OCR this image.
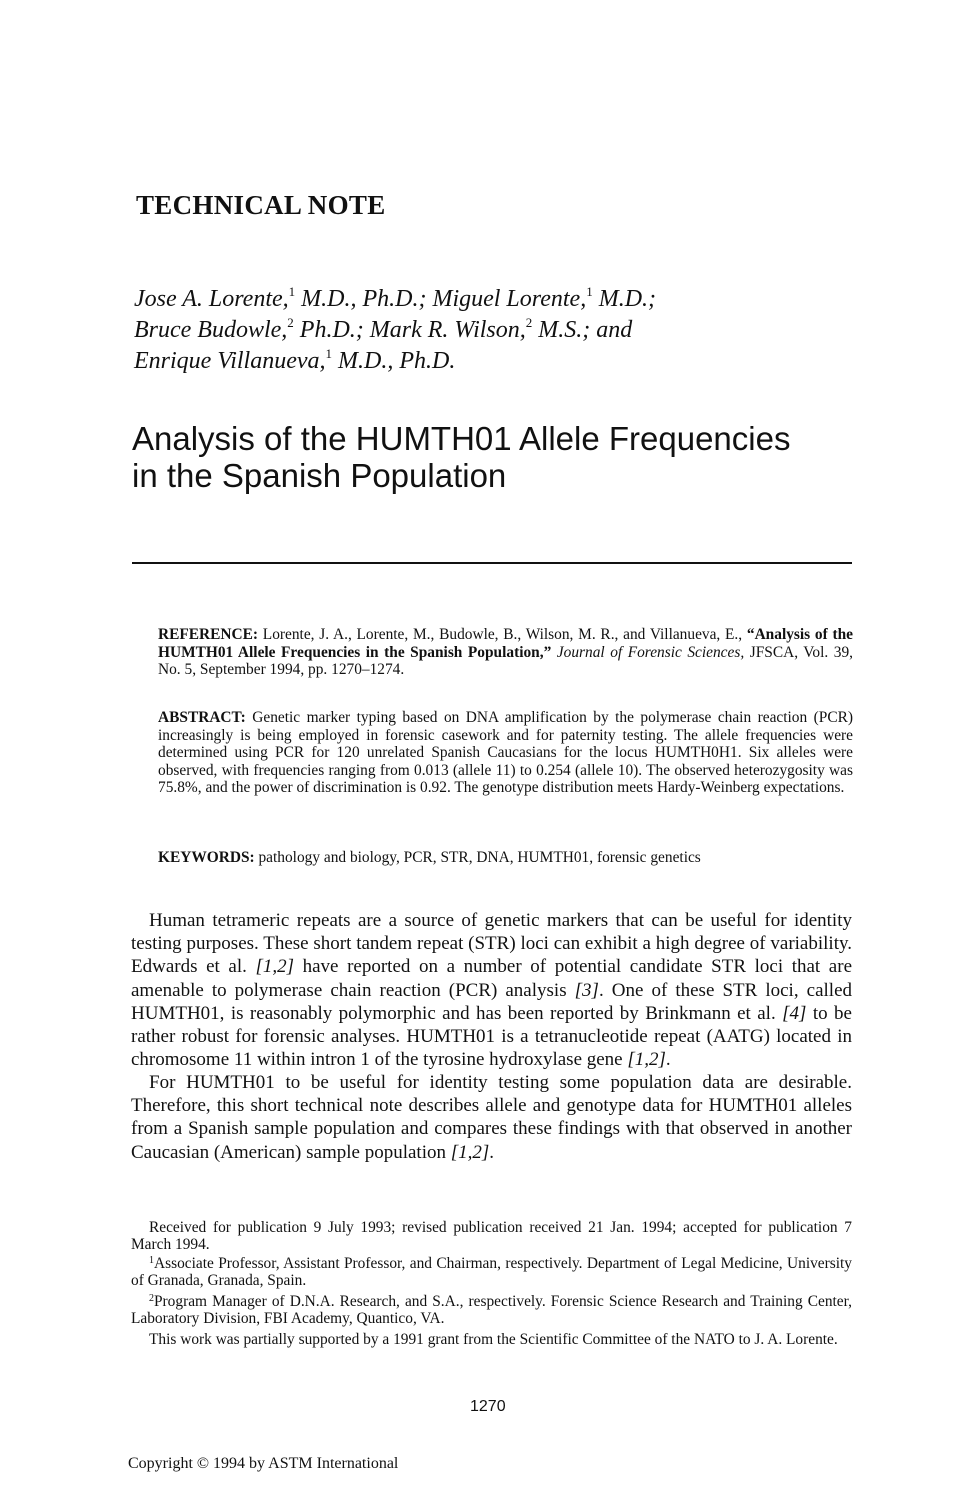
TECHNICAL NOTE
Jose A. Lorente,$^1$ M.D., Ph.D.; Miguel Lorente,$^1$ M.D.;
Bruce Budowle,$^2$ Ph.D.; Mark R. Wilson,$^2$ M.S.; and
Enrique Villanueva,$^1$ M.D., Ph.D.
Analysis of the HUMTH01 Allele Frequencies
in the Spanish Population
REFERENCE: Lorente, J. A., Lorente, M., Budowle, B., Wilson, M. R., and Villanueva, E., “Analysis of the HUMTH01 Allele Frequencies in the Spanish Population,” Journal of Forensic Sciences, JFSCA, Vol. 39, No. 5, September 1994, pp. 1270–1274.
ABSTRACT: Genetic marker typing based on DNA amplification by the polymerase chain reaction (PCR) increasingly is being employed in forensic casework and for paternity testing. The allele frequencies were determined using PCR for 120 unrelated Spanish Caucasians for the locus HUMTH0H1. Six alleles were observed, with frequencies ranging from 0.013 (allele 11) to 0.254 (allele 10). The observed heterozygosity was 75.8%, and the power of discrimination is 0.92. The genotype distribution meets Hardy-Weinberg expectations.
KEYWORDS: pathology and biology, PCR, STR, DNA, HUMTH01, forensic genetics

Human tetrameric repeats are a source of genetic markers that can be useful for identity testing purposes. These short tandem repeat (STR) loci can exhibit a high degree of variability. Edwards et al. [1,2] have reported on a number of potential candidate STR loci that are amenable to polymerase chain reaction (PCR) analysis [3]. One of these STR loci, called HUMTH01, is reasonably polymorphic and has been reported by Brinkmann et al. [4] to be rather robust for forensic analyses. HUMTH01 is a tetranucleotide repeat (AATG) located in chromosome 11 within intron 1 of the tyrosine hydroxylase gene [1,2].

For HUMTH01 to be useful for identity testing some population data are desirable. Therefore, this short technical note describes allele and genotype data for HUMTH01 alleles from a Spanish sample population and compares these findings with that observed in another Caucasian (American) sample population [1,2].

Received for publication 9 July 1993; revised publication received 21 Jan. 1994; accepted for publication 7 March 1994.

$^1$Associate Professor, Assistant Professor, and Chairman, respectively. Department of Legal Medicine, University of Granada, Granada, Spain.

$^2$Program Manager of D.N.A. Research, and S.A., respectively. Forensic Science Research and Training Center, Laboratory Division, FBI Academy, Quantico, VA.

This work was partially supported by a 1991 grant from the Scientific Committee of the NATO to J. A. Lorente.

1270
Copyright © 1994 by ASTM International
